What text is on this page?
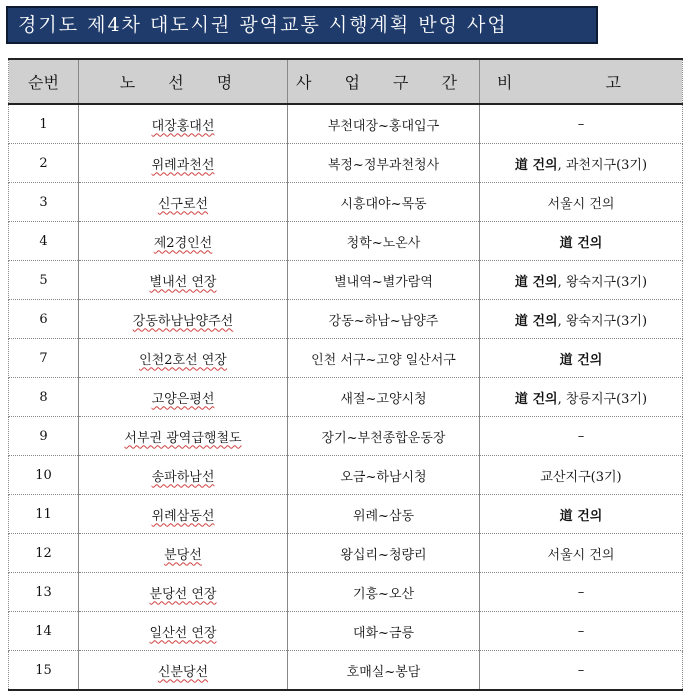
경기도 제4차 대도시권 광역교통 시행계획 반영 사업
순번	노 선 명	사 업 구 간	비 고
1	대장홍대선	부천대장~홍대입구	–
2	위례과천선	복정~정부과천청사	道 건의, 과천지구(3기)
3	신구로선	시흥대야~목동	서울시 건의
4	제2경인선	청학~노온사	道 건의
5	별내선 연장	별내역~별가람역	道 건의, 왕숙지구(3기)
6	강동하남남양주선	강동~하남~남양주	道 건의, 왕숙지구(3기)
7	인천2호선 연장	인천 서구~고양 일산서구	道 건의
8	고양은평선	새절~고양시청	道 건의, 창릉지구(3기)
9	서부권 광역급행철도	장기~부천종합운동장	–
10	송파하남선	오금~하남시청	교산지구(3기)
11	위례삼동선	위례~삼동	道 건의
12	분당선	왕십리~청량리	서울시 건의
13	분당선 연장	기흥~오산	–
14	일산선 연장	대화~금릉	–
15	신분당선	호매실~봉담	–
